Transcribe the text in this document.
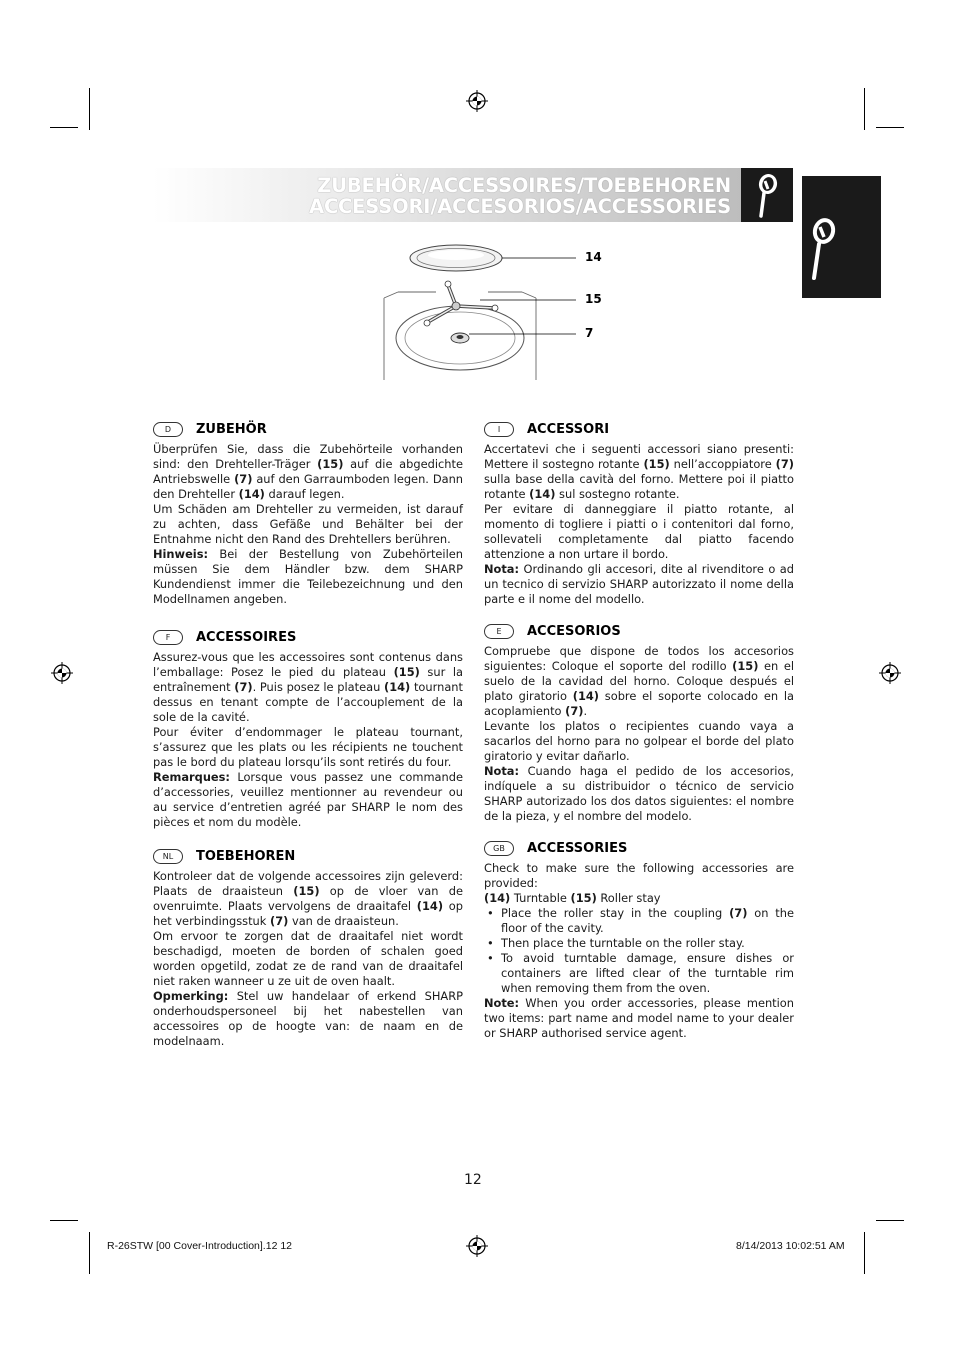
ZUBEHÖR/ACCESSOIRES/TOEBEHOREN
ACCESSORI/ACCESORIOS/ACCESSORIES
14
15
7
D	ZUBEHÖR

Überprüfen Sie, dass die Zubehörteile vorhanden sind: den Drehteller-Träger (15) auf die abgedichte Antriebswelle (7) auf den Garraumboden legen. Dann den Drehteller (14) darauf legen.

Um Schäden am Drehteller zu vermeiden, ist darauf zu achten, dass Gefäße und Behälter bei der Entnahme nicht den Rand des Drehtellers berühren.

Hinweis: Bei der Bestellung von Zubehörteilen müssen Sie dem Händler bzw. dem SHARP Kundendienst immer die Teilebezeichnung und den Modellnamen angeben.

F	ACCESSOIRES

Assurez-vous que les accessoires sont contenus dans l’emballage: Posez le pied du plateau (15) sur la entraînement (7). Puis posez le plateau (14) tournant dessus en tenant compte de l’accouplement de la sole de la cavité.

Pour éviter d’endommager le plateau tournant, s’assurez que les plats ou les récipients ne touchent pas le bord du plateau lorsqu’ils sont retirés du four.

Remarques: Lorsque vous passez une commande d’accessories, veuillez mentionner au revendeur ou au service d’entretien agréé par SHARP le nom des pièces et nom du modèle.

NL	TOEBEHOREN

Kontroleer dat de volgende accessoires zijn geleverd: Plaats de draaisteun (15) op de vloer van de ovenruimte. Plaats vervolgens de draaitafel (14) op het verbindingsstuk (7) van de draaisteun.

Om ervoor te zorgen dat de draaitafel niet wordt beschadigd, moeten de borden of schalen goed worden opgetild, zodat ze de rand van de draaitafel niet raken wanneer u ze uit de oven haalt.

Opmerking: Stel uw handelaar of erkend SHARP onderhoudspersoneel bij het nabestellen van accessoires op de hoogte van: de naam en de modelnaam.

I	ACCESSORI

Accertatevi che i seguenti accessori siano presenti: Mettere il sostegno rotante (15) nell’accoppiatore (7) sulla base della cavità del forno. Mettere poi il piatto rotante (14) sul sostegno rotante.

Per evitare di danneggiare il piatto rotante, al momento di togliere i piatti o i contenitori dal forno, sollevateli completamente dal piatto facendo attenzione a non urtare il bordo.

Nota: Ordinando gli accesori, dite al rivenditore o ad un tecnico di servizio SHARP autorizzato il nome della parte e il nome del modello.

E	ACCESORIOS

Compruebe que dispone de todos los accesorios siguientes: Coloque el soporte del rodillo (15) en el suelo de la cavidad del horno. Coloque después el plato giratorio (14) sobre el soporte colocado en la acoplamiento (7).

Levante los platos o recipientes cuando vaya a sacarlos del horno para no golpear el borde del plato giratorio y evitar dañarlo.

Nota: Cuando haga el pedido de los accesorios, indíquele a su distribuidor o técnico de servicio SHARP autorizado los dos datos siguientes: el nombre de la pieza, y el nombre del modelo.

GB	ACCESSORIES

Check to make sure the following accessories are provided:

(14) Turntable (15) Roller stay

• Place the roller stay in the coupling (7) on the floor of the cavity.

• Then place the turntable on the roller stay.

• To avoid turntable damage, ensure dishes or containers are lifted clear of the turntable rim when removing them from the oven.

Note: When you order accessories, please mention two items: part name and model name to your dealer or SHARP authorised service agent.

12
R-26STW [00 Cover-Introduction].12 12	8/14/2013 10:02:51 AM
